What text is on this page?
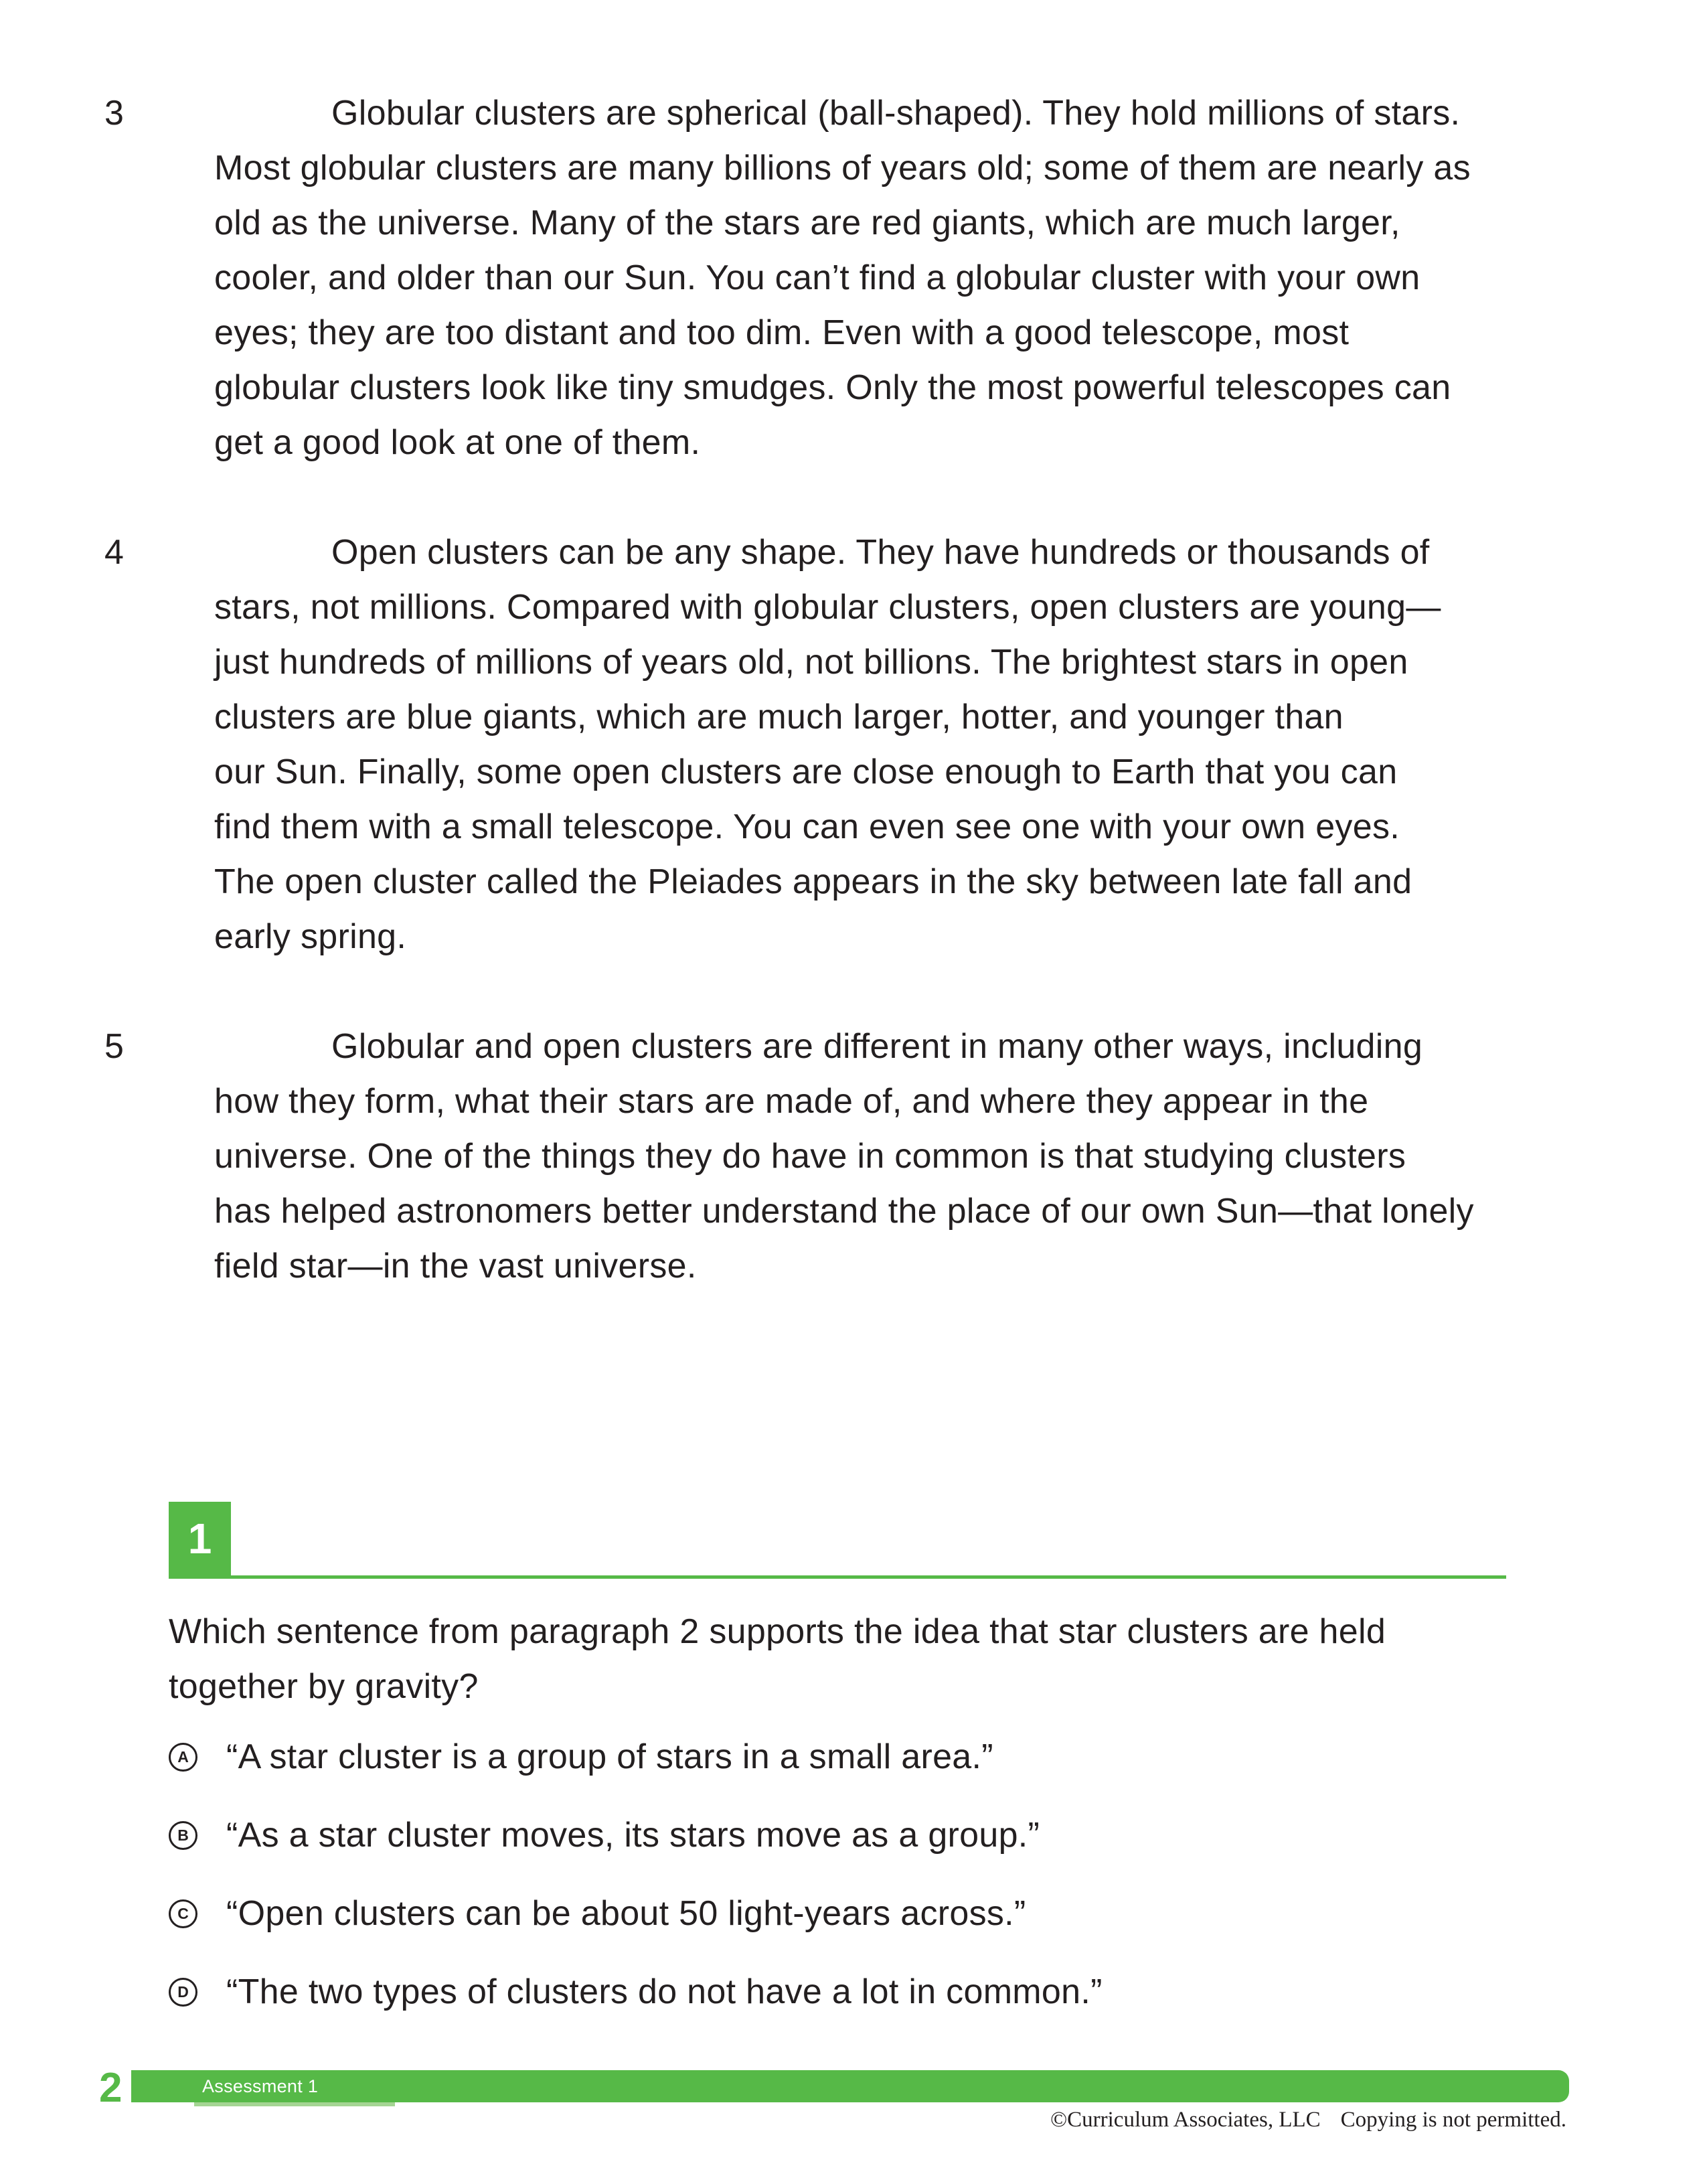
3	Globular clusters are spherical (ball-shaped). They hold millions of stars.
Most globular clusters are many billions of years old; some of them are nearly as
old as the universe. Many of the stars are red giants, which are much larger,
cooler, and older than our Sun. You can’t find a globular cluster with your own
eyes; they are too distant and too dim. Even with a good telescope, most
globular clusters look like tiny smudges. Only the most powerful telescopes can
get a good look at one of them.
4	Open clusters can be any shape. They have hundreds or thousands of
stars, not millions. Compared with globular clusters, open clusters are young—
just hundreds of millions of years old, not billions. The brightest stars in open
clusters are blue giants, which are much larger, hotter, and younger than
our Sun. Finally, some open clusters are close enough to Earth that you can
find them with a small telescope. You can even see one with your own eyes.
The open cluster called the Pleiades appears in the sky between late fall and
early spring.
5	Globular and open clusters are different in many other ways, including
how they form, what their stars are made of, and where they appear in the
universe. One of the things they do have in common is that studying clusters
has helped astronomers better understand the place of our own Sun—that lonely
field star—in the vast universe.
1
Which sentence from paragraph 2 supports the idea that star clusters are held
together by gravity?
A “A star cluster is a group of stars in a small area.”
B “As a star cluster moves, its stars move as a group.”
C “Open clusters can be about 50 light-years across.”
D “The two types of clusters do not have a lot in common.”
2	Assessment 1
©Curriculum Associates, LLC Copying is not permitted.
